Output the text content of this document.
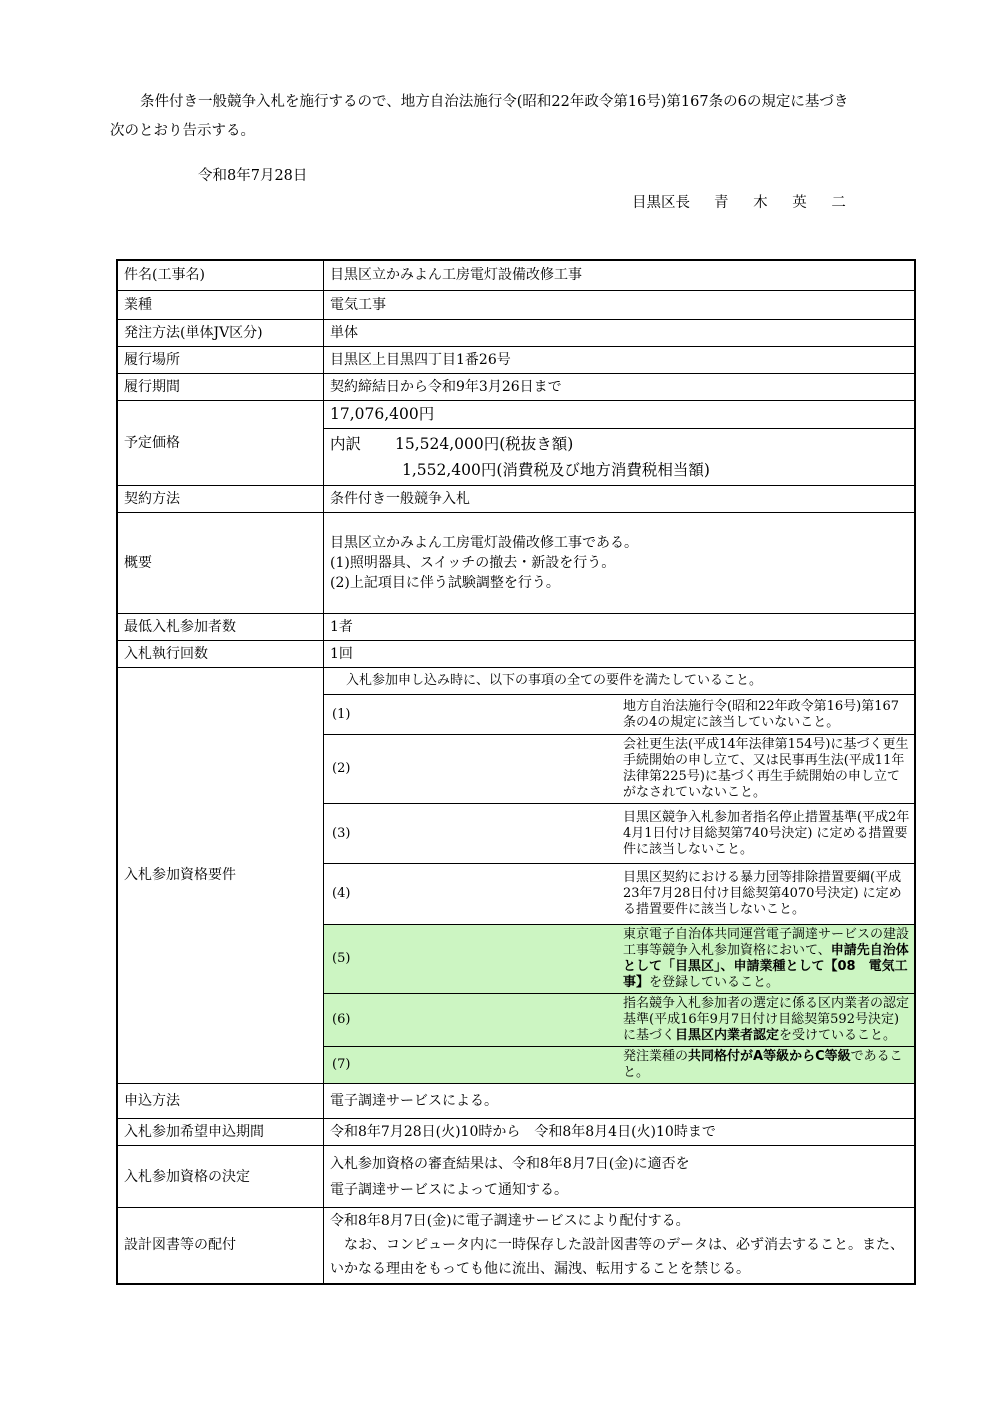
条件付き一般競争入札を施行するので、地方自治法施行令(昭和22年政令第16号)第167条の6の規定に基づき

次のとおり告示する。
令和8年7月28日
目黒区長 青 木 英 二
件名(工事名)	目黒区立かみよん工房電灯設備改修工事
業種	電気工事
発注方法(単体JV区分)	単体
履行場所	目黒区上目黒四丁目1番26号
履行期間	契約締結日から令和9年3月26日まで
予定価格	
17,076,400円
内訳 15,524,000円(税抜き額)
1,552,400円(消費税及び地方消費税相当額)

契約方法	条件付き一般競争入札
概要	
目黒区立かみよん工房電灯設備改修工事である。
(1)照明器具、スイッチの撤去・新設を行う。
(2)上記項目に伴う試験調整を行う。

最低入札参加者数	1者
入札執行回数	1回
入札参加資格要件	
入札参加申し込み時に、以下の事項の全ての要件を満たしていること。
(1)	地方自治法施行令(昭和22年政令第16号)第167条の4の規定に該当していないこと。
(2)	会社更生法(平成14年法律第154号)に基づく更生手続開始の申し立て、又は民事再生法(平成11年法律第225号)に基づく再生手続開始の申し立てがなされていないこと。
(3)	目黒区競争入札参加者指名停止措置基準(平成2年4月1日付け目総契第740号決定) に定める措置要件に該当しないこと。
(4)	目黒区契約における暴力団等排除措置要綱(平成23年7月28日付け目総契第4070号決定) に定める措置要件に該当しないこと。
(5)	東京電子自治体共同運営電子調達サービスの建設工事等競争入札参加資格において、申請先自治体として「目黒区」、申請業種として【08　電気工事】を登録していること。
(6)	指名競争入札参加者の選定に係る区内業者の認定基準(平成16年9月7日付け目総契第592号決定)に基づく目黒区内業者認定を受けていること。
(7)	発注業種の共同格付がA等級からC等級であること。

申込方法	電子調達サービスによる。
入札参加希望申込期間	令和8年7月28日(火)10時から　令和8年8月4日(火)10時まで
入札参加資格の決定	
入札参加資格の審査結果は、令和8年8月7日(金)に適否を
電子調達サービスによって通知する。

設計図書等の配付	
令和8年8月7日(金)に電子調達サービスにより配付する。
なお、コンピュータ内に一時保存した設計図書等のデータは、必ず消去すること。また、いかなる理由をもっても他に流出、漏洩、転用することを禁じる。
